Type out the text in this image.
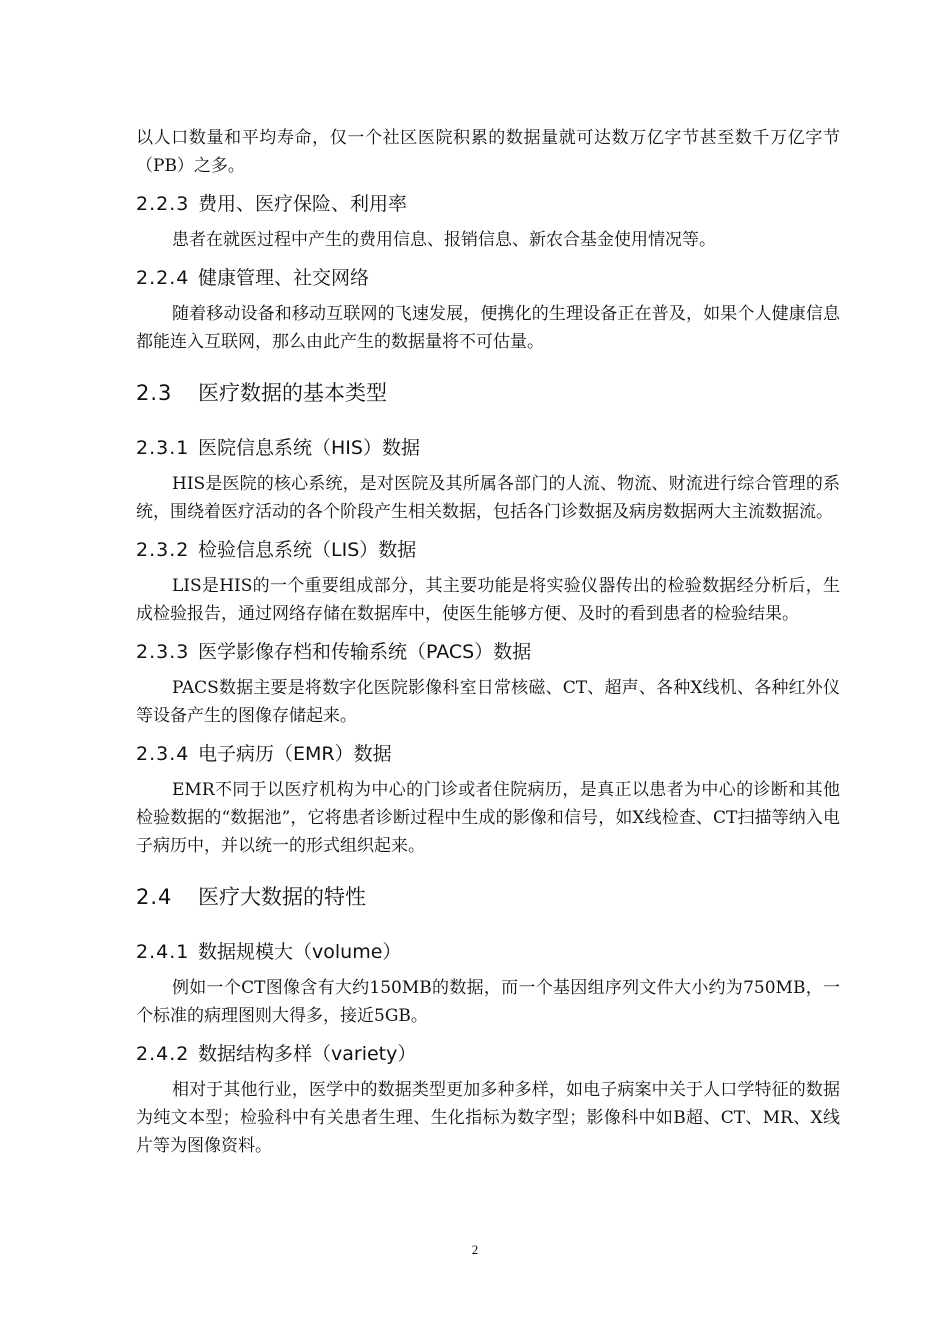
以人口数量和平均寿命，仅一个社区医院积累的数据量就可达数万亿字节甚至数千万亿字节（PB）之多。

2.2.3 费用、医疗保险、利用率

患者在就医过程中产生的费用信息、报销信息、新农合基金使用情况等。

2.2.4 健康管理、社交网络

随着移动设备和移动互联网的飞速发展，便携化的生理设备正在普及，如果个人健康信息都能连入互联网，那么由此产生的数据量将不可估量。

2.3 医疗数据的基本类型
2.3.1 医院信息系统（HIS）数据

HIS是医院的核心系统，是对医院及其所属各部门的人流、物流、财流进行综合管理的系统，围绕着医疗活动的各个阶段产生相关数据，包括各门诊数据及病房数据两大主流数据流。

2.3.2 检验信息系统（LIS）数据

LIS是HIS的一个重要组成部分，其主要功能是将实验仪器传出的检验数据经分析后，生成检验报告，通过网络存储在数据库中，使医生能够方便、及时的看到患者的检验结果。

2.3.3 医学影像存档和传输系统（PACS）数据

PACS数据主要是将数字化医院影像科室日常核磁、CT、超声、各种X线机、各种红外仪等设备产生的图像存储起来。

2.3.4 电子病历（EMR）数据

EMR不同于以医疗机构为中心的门诊或者住院病历，是真正以患者为中心的诊断和其他检验数据的“数据池”，它将患者诊断过程中生成的影像和信号，如X线检查、CT扫描等纳入电子病历中，并以统一的形式组织起来。

2.4 医疗大数据的特性
2.4.1 数据规模大（volume）

例如一个CT图像含有大约150MB的数据，而一个基因组序列文件大小约为750MB，一个标准的病理图则大得多，接近5GB。

2.4.2 数据结构多样（variety）

相对于其他行业，医学中的数据类型更加多种多样，如电子病案中关于人口学特征的数据为纯文本型；检验科中有关患者生理、生化指标为数字型；影像科中如B超、CT、MR、X线片等为图像资料。

2
